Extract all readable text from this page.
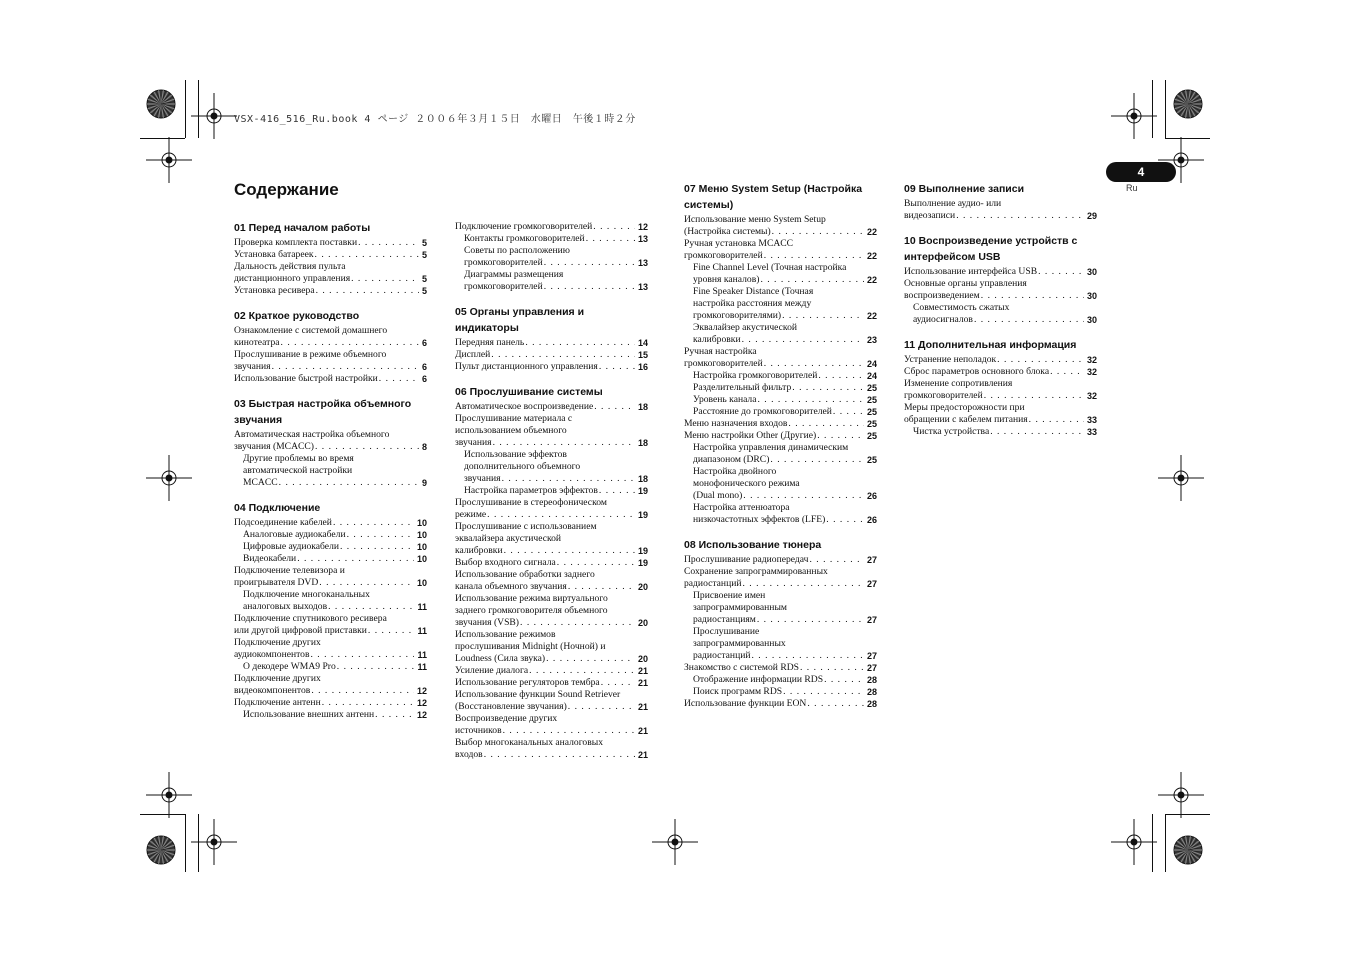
VSX-416_516_Ru.book 4 ページ ２００６年３月１５日　水曜日　午後１時２分
4
Ru
Содержание
01 Перед началом работы
Проверка комплекта поставки . . .	5
Установка батареек . . .	5
Дальность действия пульта
дистанционного управления . . .	5
Установка ресивера . . .	5
02 Краткое руководство
Ознакомление с системой домашнего
кинотеатра . . .	6
Прослушивание в режиме объемного
звучания . . .	6
Использование быстрой настройки . . .	6
03 Быстрая настройка объемного звучания
Автоматическая настройка объемного
звучания (MCACC) . . .	8
Другие проблемы во время
автоматической настройки
MCACC . . .	9
04 Подключение
Подсоединение кабелей . . .	10
Аналоговые аудиокабели . . .	10
Цифровые аудиокабели . . .	10
Видеокабели . . .	10
Подключение телевизора и
проигрывателя DVD . . .	10
Подключение многоканальных
аналоговых выходов . . .	11
Подключение спутникового ресивера
или другой цифровой приставки . . .	11
Подключение других
аудиокомпонентов . . .	11
О декодере WMA9 Pro . . .	11
Подключение других
видеокомпонентов . . .	12
Подключение антенн . . .	12
Использование внешних антенн . . .	12
Подключение громкоговорителей . . .	12
Контакты громкоговорителей . . .	13
Советы по расположению
громкоговорителей . . .	13
Диаграммы размещения
громкоговорителей . . .	13
05 Органы управления и индикаторы
Передняя панель . . .	14
Дисплей . . .	15
Пульт дистанционного управления . . .	16
06 Прослушивание системы
Автоматическое воспроизведение . . .	18
Прослушивание материала с
использованием объемного
звучания . . .	18
Использование эффектов
дополнительного объемного
звучания . . .	18
Настройка параметров эффектов . . .	19
Прослушивание в стереофоническом
режиме . . .	19
Прослушивание с использованием
эквалайзера акустической
калибровки . . .	19
Выбор входного сигнала . . .	19
Использование обработки заднего
канала объемного звучания . . .	20
Использование режима виртуального
заднего громкоговорителя объемного
звучания (VSB) . . .	20
Использование режимов
прослушивания Midnight (Ночной) и
Loudness (Сила звука) . . .	20
Усиление диалога . . .	21
Использование регуляторов тембра . . .	21
Использование функции Sound Retriever
(Восстановление звучания) . . .	21
Воспроизведение других
источников . . .	21
Выбор многоканальных аналоговых
входов . . .	21
07 Меню System Setup (Настройка системы)
Использование меню System Setup
(Настройка системы) . . .	22
Ручная установка MCACC
громкоговорителей . . .	22
Fine Channel Level (Точная настройка
уровня каналов) . . .	22
Fine Speaker Distance (Точная
настройка расстояния между
громкоговорителями) . . .	22
Эквалайзер акустической
калибровки . . .	23
Ручная настройка
громкоговорителей . . .	24
Настройка громкоговорителей . . .	24
Разделительный фильтр . . .	25
Уровень канала . . .	25
Расстояние до громкоговорителей . . .	25
Меню назначения входов . . .	25
Меню настройки Other (Другие) . . .	25
Настройка управления динамическим
диапазоном (DRC) . . .	25
Настройка двойного
монофонического режима
(Dual mono) . . .	26
Настройка аттенюатора
низкочастотных эффектов (LFE) . . .	26
08 Использование тюнера
Прослушивание радиопередач . . .	27
Сохранение запрограммированных
радиостанций . . .	27
Присвоение имен
запрограммированным
радиостанциям . . .	27
Прослушивание
запрограммированных
радиостанций . . .	27
Знакомство с системой RDS . . .	27
Отображение информации RDS . . .	28
Поиск программ RDS . . .	28
Использование функции EON . . .	28
09 Выполнение записи
Выполнение аудио- или
видеозаписи . . .	29
10 Воспроизведение устройств с интерфейсом USB
Использование интерфейса USB . . .	30
Основные органы управления
воспроизведением . . .	30
Совместимость сжатых
аудиосигналов . . .	30
11 Дополнительная информация
Устранение неполадок . . .	32
Сброс параметров основного блока . . .	32
Изменение сопротивления
громкоговорителей . . .	32
Меры предосторожности при
обращении с кабелем питания . . .	33
Чистка устройства . . .	33
